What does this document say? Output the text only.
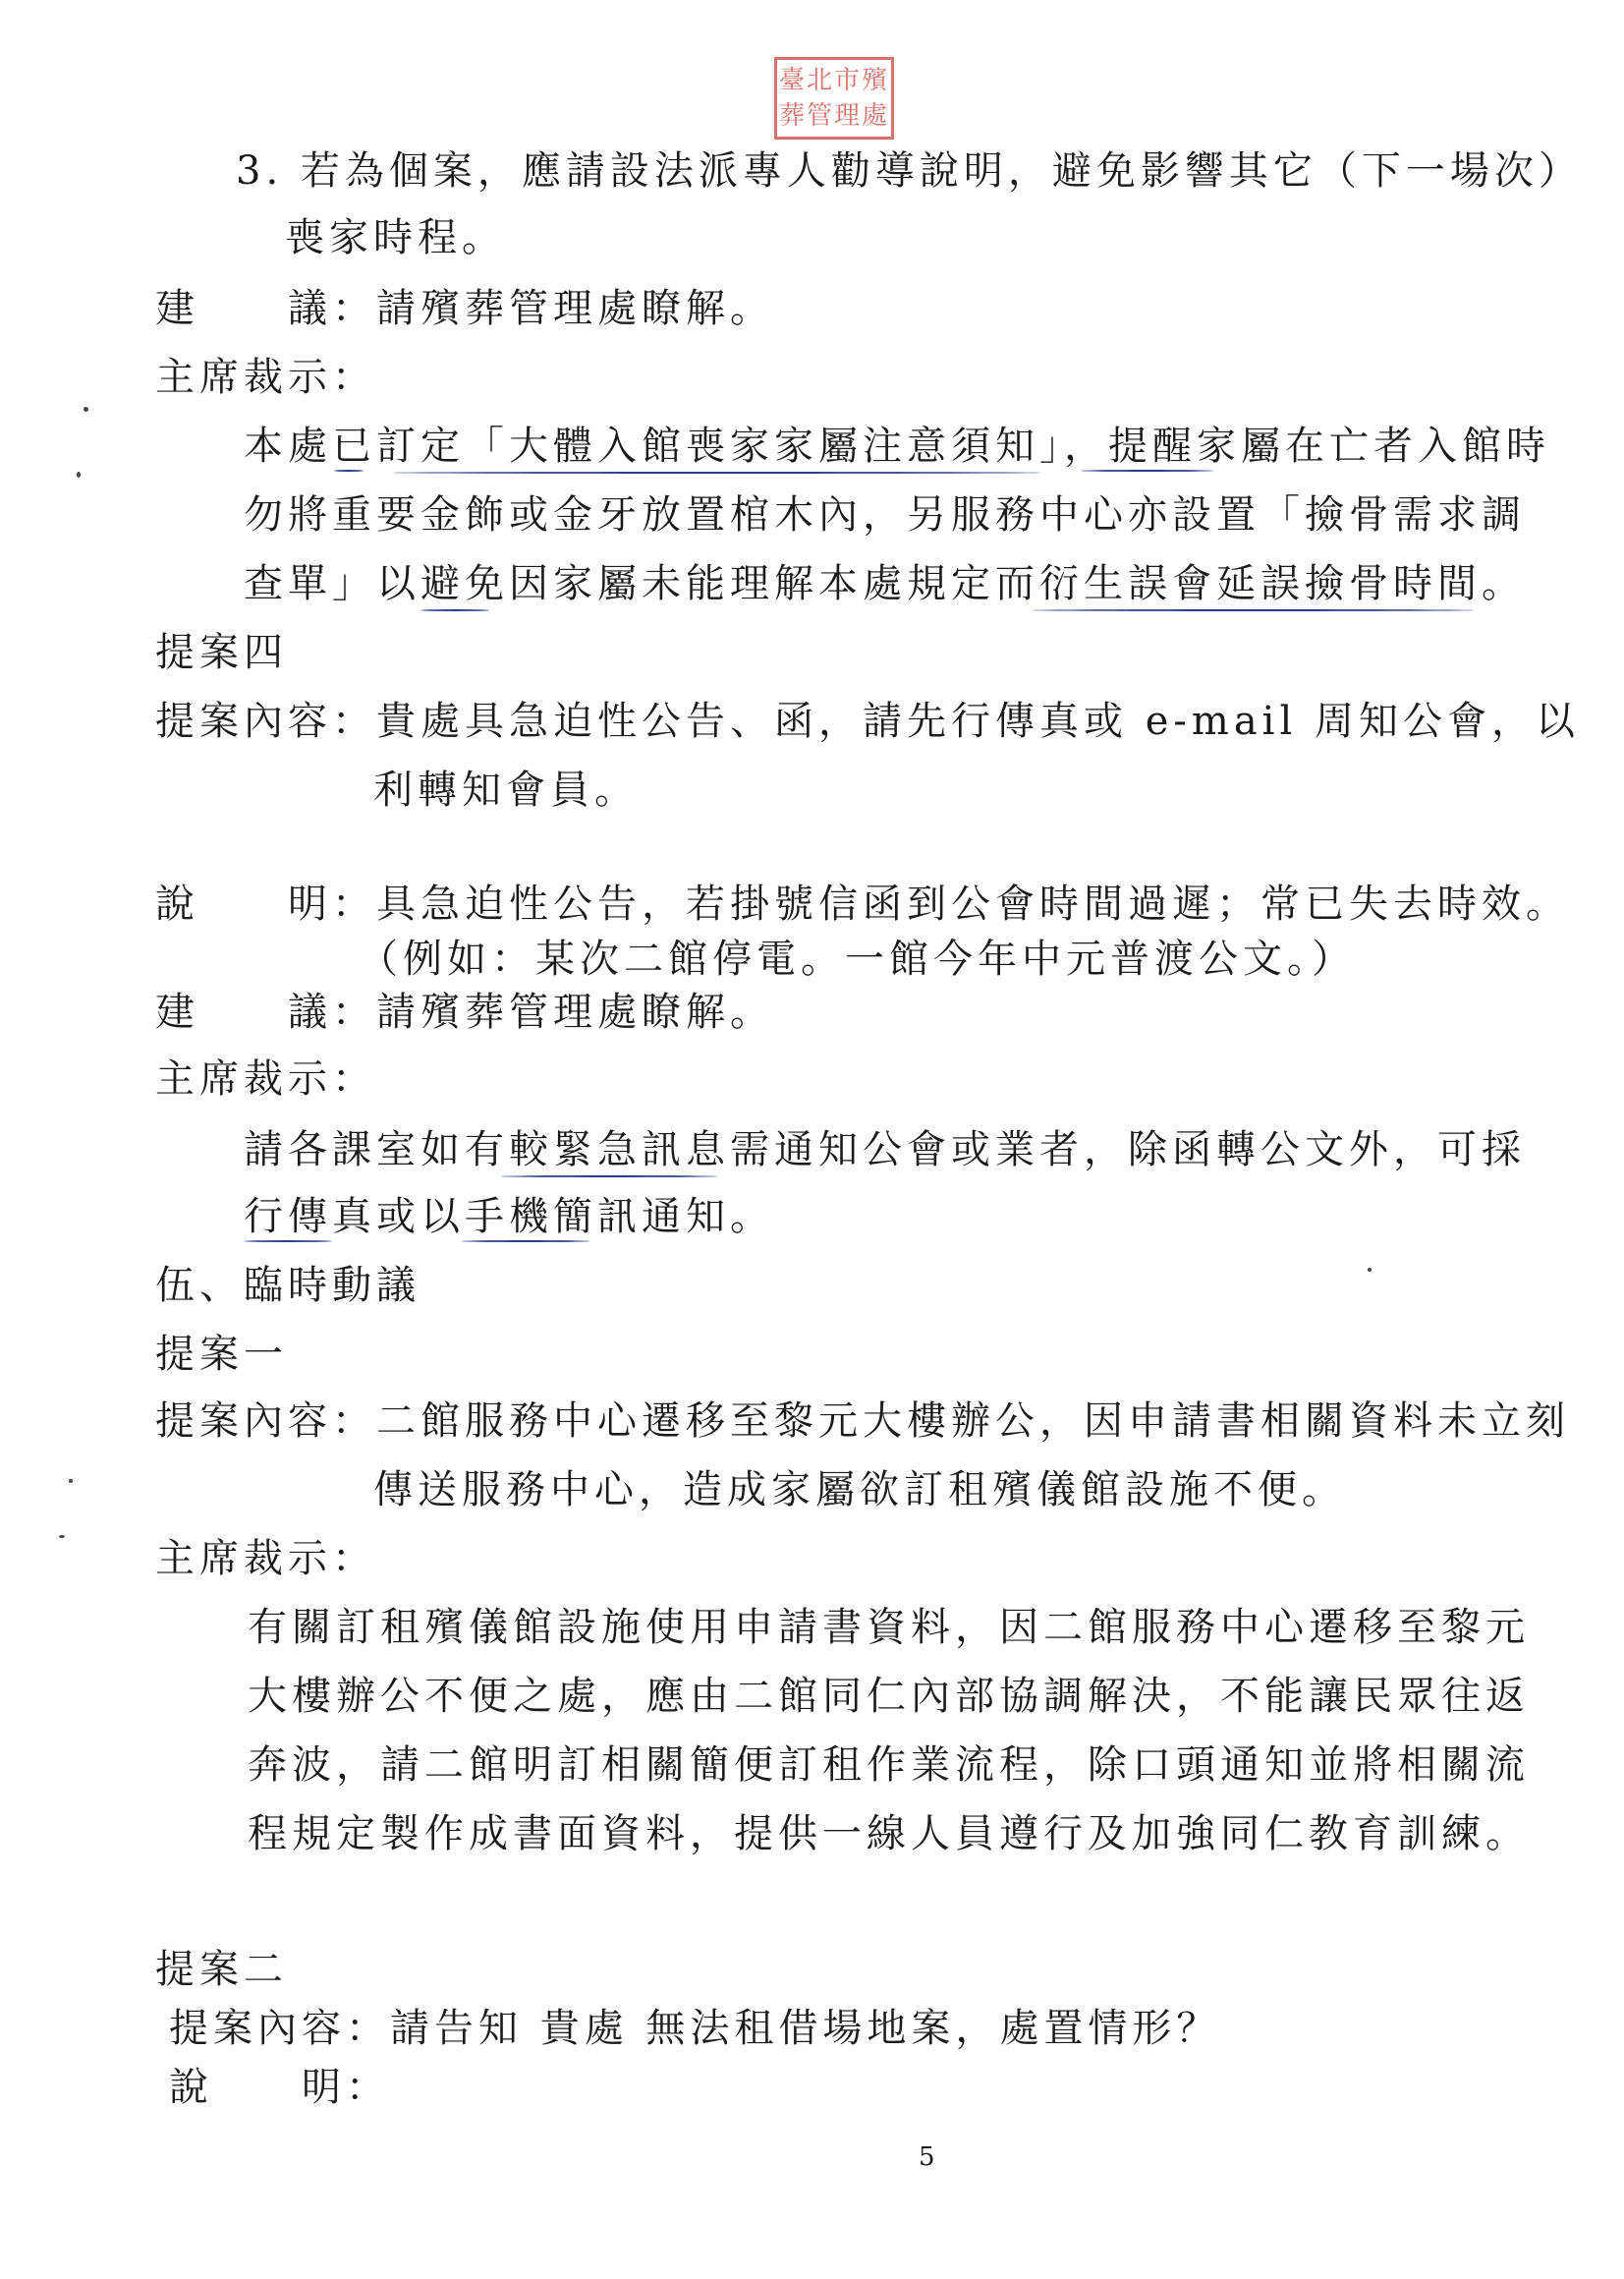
臺北市殯葬管理處
3. 若為個案，應請設法派專人勸導說明，避免影響其它（下一場次）
喪家時程。
建　　議：請殯葬管理處瞭解。
主席裁示：
本處已訂定「大體入館喪家家屬注意須知」，提醒家屬在亡者入館時
勿將重要金飾或金牙放置棺木內，另服務中心亦設置「撿骨需求調
查單」以避免因家屬未能理解本處規定而衍生誤會延誤撿骨時間。
提案四
提案內容：貴處具急迫性公告、函，請先行傳真或 e-mail 周知公會，以
利轉知會員。
說　　明：具急迫性公告，若掛號信函到公會時間過遲；常已失去時效。
（例如：某次二館停電。一館今年中元普渡公文。）
建　　議：請殯葬管理處瞭解。
主席裁示：
請各課室如有較緊急訊息需通知公會或業者，除函轉公文外，可採
行傳真或以手機簡訊通知。
伍、臨時動議
提案一
提案內容：二館服務中心遷移至黎元大樓辦公，因申請書相關資料未立刻
傳送服務中心，造成家屬欲訂租殯儀館設施不便。
主席裁示：
有關訂租殯儀館設施使用申請書資料，因二館服務中心遷移至黎元
大樓辦公不便之處，應由二館同仁內部協調解決，不能讓民眾往返
奔波，請二館明訂相關簡便訂租作業流程，除口頭通知並將相關流
程規定製作成書面資料，提供一線人員遵行及加強同仁教育訓練。
提案二
提案內容：請告知 貴處 無法租借場地案，處置情形？
說　　明：
5
